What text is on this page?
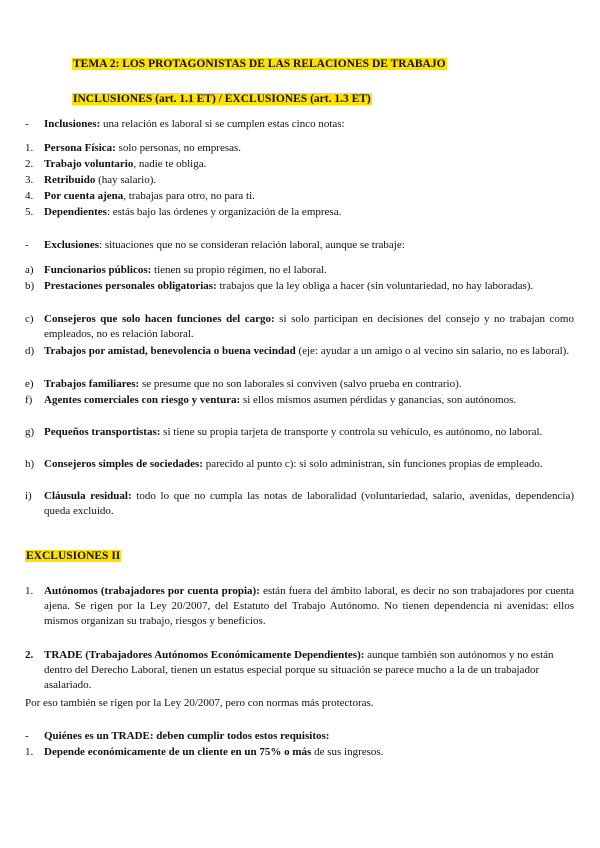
TEMA 2: LOS PROTAGONISTAS DE LAS RELACIONES DE TRABAJO
INCLUSIONES (art. 1.1 ET) / EXCLUSIONES (art. 1.3 ET)
-	Inclusiones: una relación es laboral si se cumplen estas cinco notas:
1. Persona Física: solo personas, no empresas.
2. Trabajo voluntario, nadie te obliga.
3. Retribuido (hay salario).
4. Por cuenta ajena, trabajas para otro, no para ti.
5. Dependientes: estás bajo las órdenes y organización de la empresa.
-	Exclusiones: situaciones que no se consideran relación laboral, aunque se trabaje:
a) Funcionarios públicos: tienen su propio régimen, no el laboral.
b) Prestaciones personales obligatorias: trabajos que la ley obliga a hacer (sin voluntariedad, no hay laboradas).
c) Consejeros que solo hacen funciones del cargo: si solo participan en decisiones del consejo y no trabajan como empleados, no es relación laboral.
d) Trabajos por amistad, benevolencia o buena vecindad (eje: ayudar a un amigo o al vecino sin salario, no es laboral).
e) Trabajos familiares: se presume que no son laborales si conviven (salvo prueba en contrario).
f)	Agentes comerciales con riesgo y ventura: si ellos mismos asumen pérdidas y ganancias, son autónomos.
g) Pequeños transportistas: si tiene su propia tarjeta de transporte y controla su vehículo, es autónomo, no laboral.
h) Consejeros simples de sociedades: parecido al punto c): si solo administran, sin funciones propias de empleado.
i)	Cláusula residual: todo lo que no cumpla las notas de laboralidad (voluntariedad, salario, avenidas, dependencia) queda excluido.
EXCLUSIONES II
1. Autónomos (trabajadores por cuenta propia): están fuera del ámbito laboral, es decir no son trabajadores por cuenta ajena. Se rigen por la Ley 20/2007, del Estatuto del Trabajo Autónomo. No tienen dependencia ni avenidas: ellos mismos organizan su trabajo, riesgos y beneficios.
2. TRADE (Trabajadores Autónomos Económicamente Dependientes): aunque también son autónomos y no están dentro del Derecho Laboral, tienen un estatus especial porque su situación se parece mucho a la de un trabajador asalariado.
Por eso también se rigen por la Ley 20/2007, pero con normas más protectoras.
-	Quiénes es un TRADE: deben cumplir todos estos requisitos:
1. Depende económicamente de un cliente en un 75% o más de sus ingresos.
